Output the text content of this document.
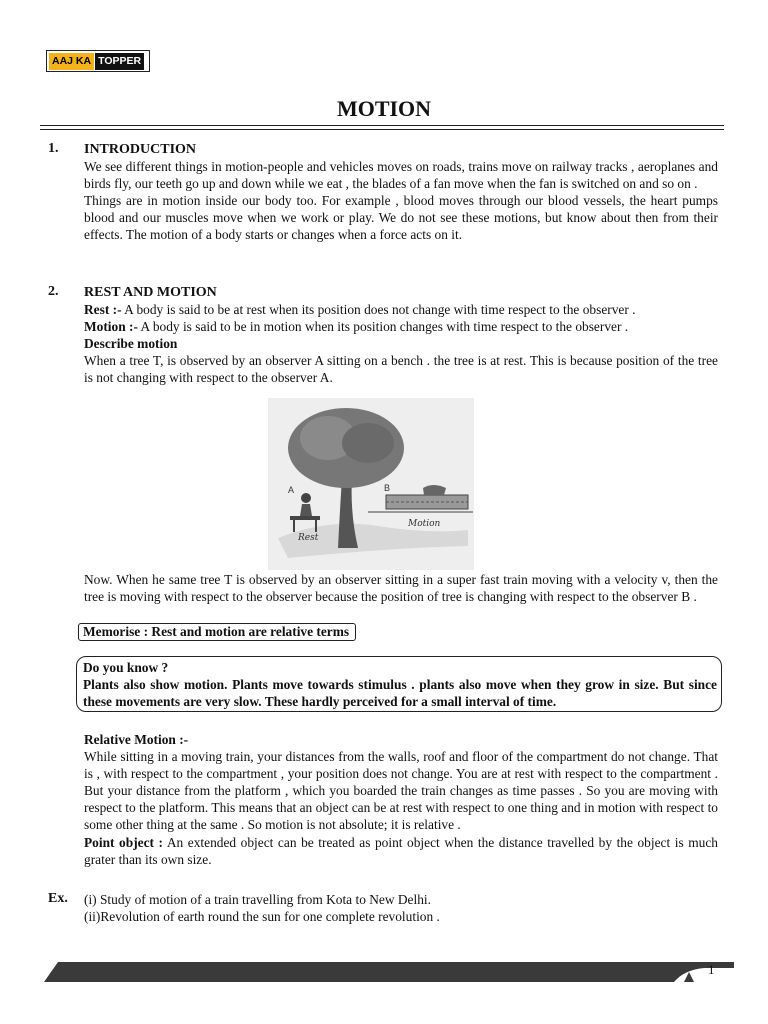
AAJ KA TOPPER
MOTION
1. INTRODUCTION

We see different things in motion-people and vehicles moves on roads, trains move on railway tracks , aeroplanes and birds fly, our teeth go up and down while we eat , the blades of a fan move when the fan is switched on and so on .

Things are in motion inside our body too. For example , blood moves through our blood vessels, the heart pumps blood and our muscles move when we work or play. We do not see these motions, but know about then from their effects. The motion of a body starts or changes when a force acts on it.

2. REST AND MOTION

Rest :- A body is said to be at rest when its position does not change with time respect to the observer .

Motion :- A body is said to be in motion when its position changes with time respect to the observer .

Describe motion

When a tree T, is observed by an observer A sitting on a bench . the tree is at rest. This is because position of the tree is not changing with respect to the observer A.

A	B
Rest
Motion

Now. When he same tree T is observed by an observer sitting in a super fast train moving with a velocity v, then the tree is moving with respect to the observer because the position of tree is changing with respect to the observer B .

Memorise : Rest and motion are relative terms
Do you know ?
Plants also show motion. Plants move towards stimulus . plants also move when they grow in size. But since these movements are very slow. These hardly perceived for a small interval of time.

Relative Motion :-

While sitting in a moving train, your distances from the walls, roof and floor of the compartment do not change. That is , with respect to the compartment , your position does not change. You are at rest with respect to the compartment . But your distance from the platform , which you boarded the train changes as time passes . So you are moving with respect to the platform. This means that an object can be at rest with respect to one thing and in motion with respect to some other thing at the same . So motion is not absolute; it is relative .

Point object : An extended object can be treated as point object when the distance travelled by the object is much grater than its own size.

Ex. (i) Study of motion of a train travelling from Kota to New Delhi.

(ii)Revolution of earth round the sun for one complete revolution .

1
